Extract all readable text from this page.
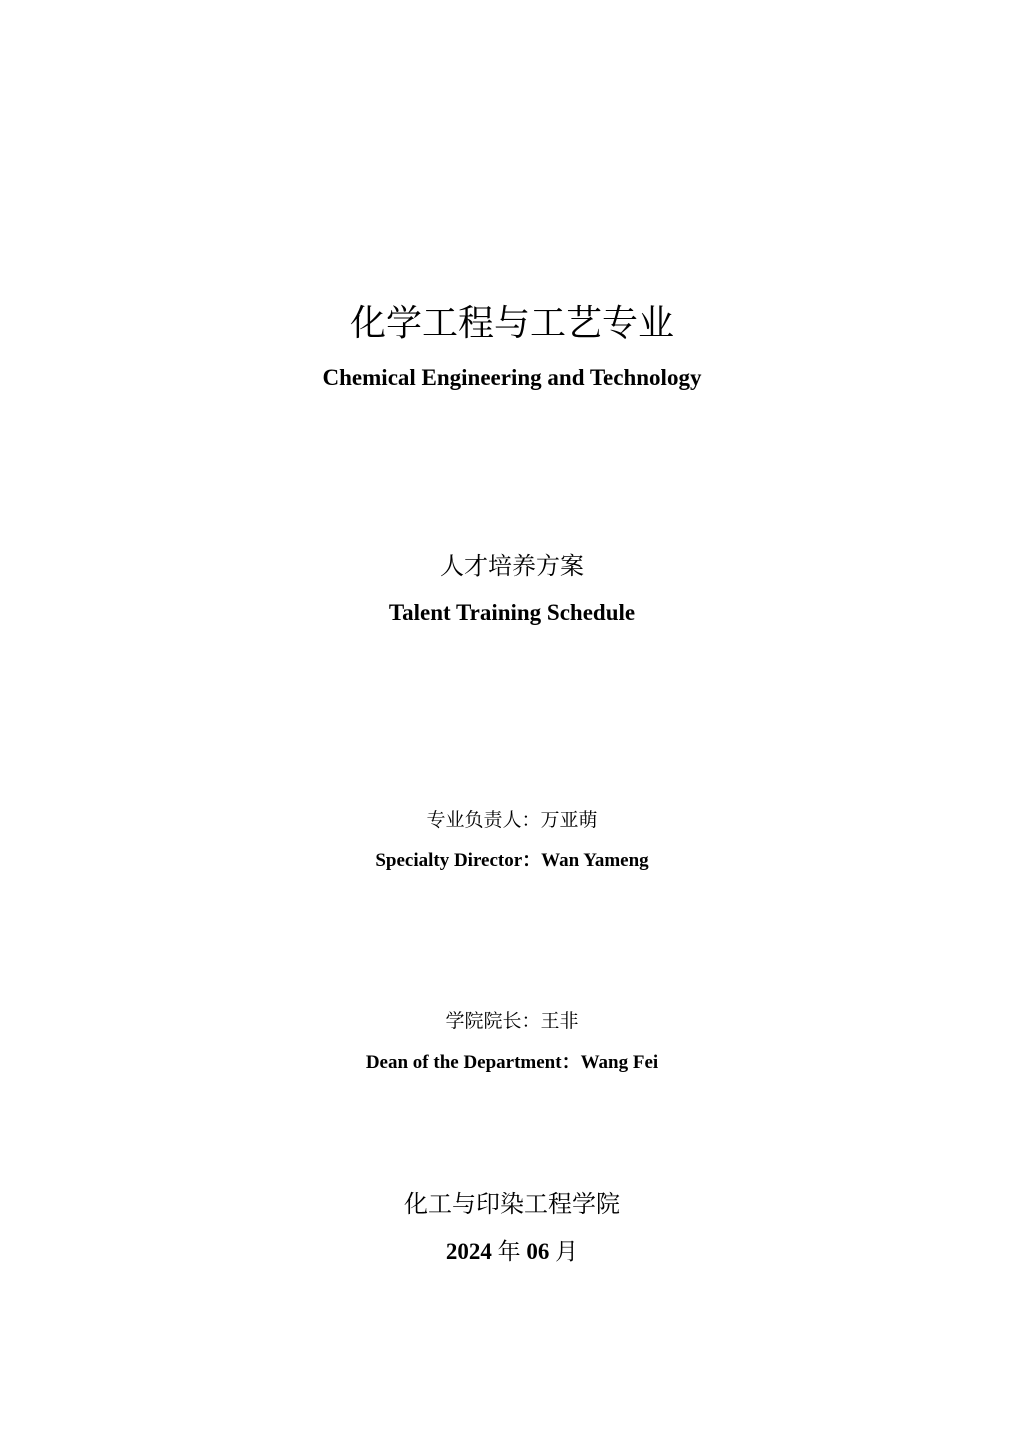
化学工程与工艺专业
Chemical Engineering and Technology
人才培养方案
Talent Training Schedule
专业负责人：万亚萌
Specialty Director：Wan Yameng
学院院长：王非
Dean of the Department：Wang Fei
化工与印染工程学院
2024 年 06 月
